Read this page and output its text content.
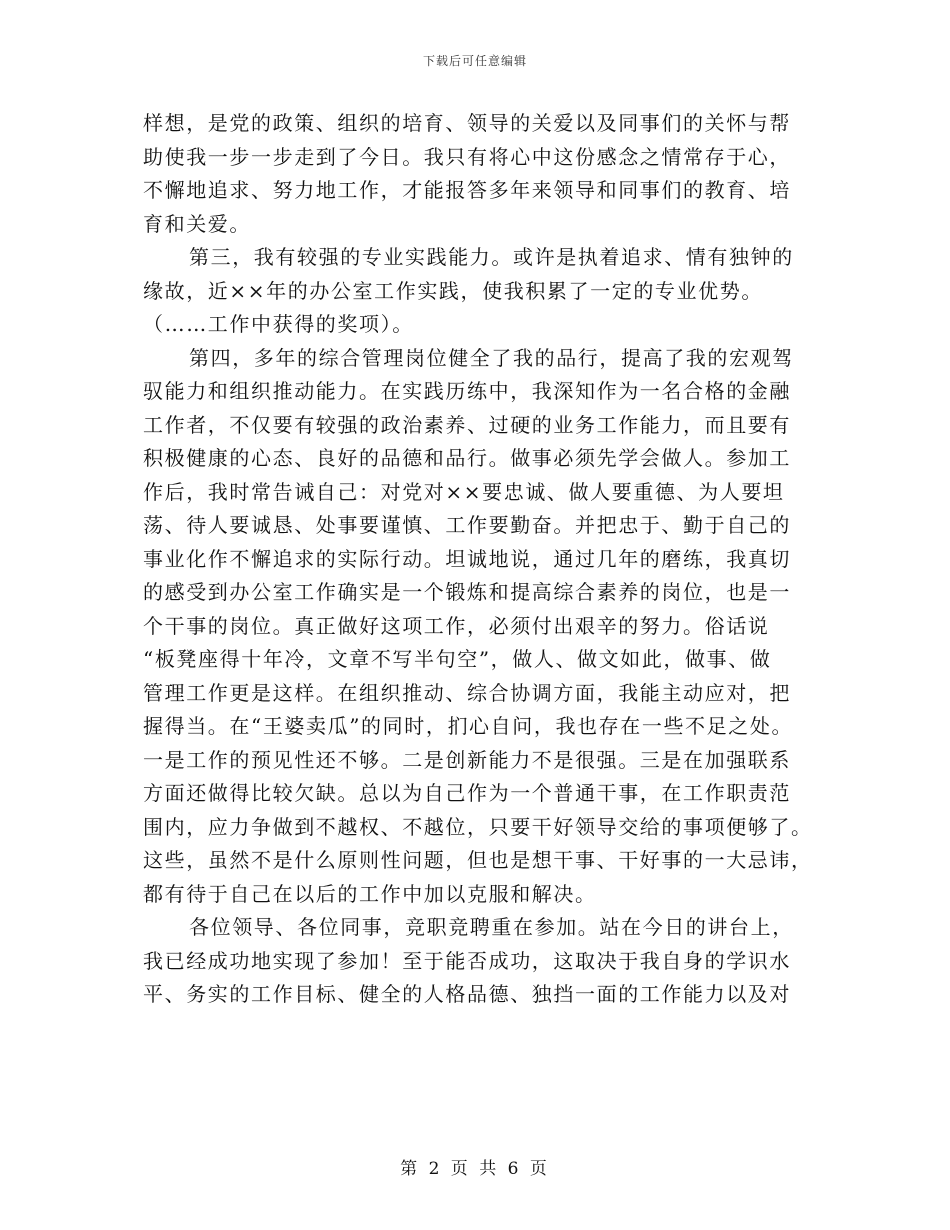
下载后可任意编辑
样想，是党的政策、组织的培育、领导的关爱以及同事们的关怀与帮
助使我一步一步走到了今日。我只有将心中这份感念之情常存于心，
不懈地追求、努力地工作，才能报答多年来领导和同事们的教育、培
育和关爱。
第三，我有较强的专业实践能力。或许是执着追求、情有独钟的
缘故，近××年的办公室工作实践，使我积累了一定的专业优势。
（……工作中获得的奖项）。
第四，多年的综合管理岗位健全了我的品行，提高了我的宏观驾
驭能力和组织推动能力。在实践历练中，我深知作为一名合格的金融
工作者，不仅要有较强的政治素养、过硬的业务工作能力，而且要有
积极健康的心态、良好的品德和品行。做事必须先学会做人。参加工
作后，我时常告诫自己：对党对××要忠诚、做人要重德、为人要坦
荡、待人要诚恳、处事要谨慎、工作要勤奋。并把忠于、勤于自己的
事业化作不懈追求的实际行动。坦诚地说，通过几年的磨练，我真切
的感受到办公室工作确实是一个锻炼和提高综合素养的岗位，也是一
个干事的岗位。真正做好这项工作，必须付出艰辛的努力。俗话说
“板凳座得十年冷，文章不写半句空”，做人、做文如此，做事、做
管理工作更是这样。在组织推动、综合协调方面，我能主动应对，把
握得当。在“王婆卖瓜”的同时，扪心自问，我也存在一些不足之处。
一是工作的预见性还不够。二是创新能力不是很强。三是在加强联系
方面还做得比较欠缺。总以为自己作为一个普通干事，在工作职责范
围内，应力争做到不越权、不越位，只要干好领导交给的事项便够了。
这些，虽然不是什么原则性问题，但也是想干事、干好事的一大忌讳，
都有待于自己在以后的工作中加以克服和解决。
各位领导、各位同事，竞职竞聘重在参加。站在今日的讲台上，
我已经成功地实现了参加！至于能否成功，这取决于我自身的学识水
平、务实的工作目标、健全的人格品德、独挡一面的工作能力以及对
第 2 页 共 6 页
